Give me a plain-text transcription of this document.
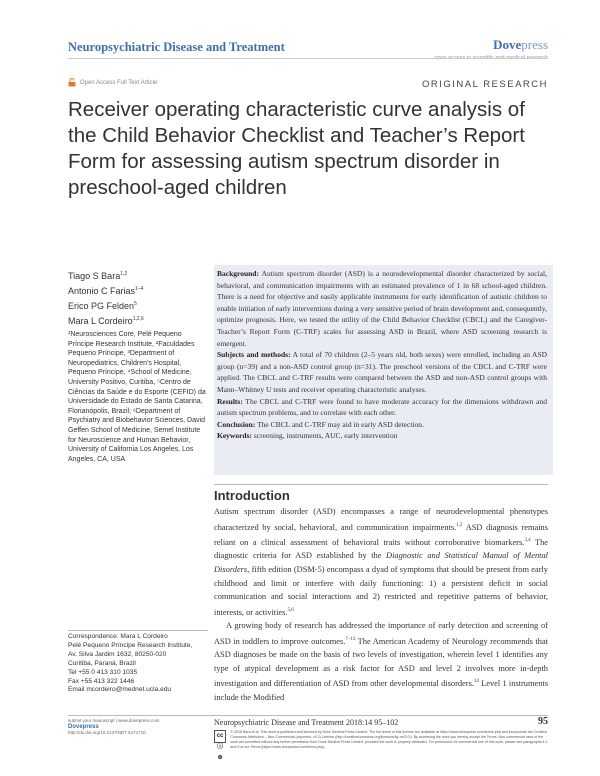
Neuropsychiatric Disease and Treatment	Dovepress
open access to scientific and medical research
Open Access Full Text Article	ORIGINAL RESEARCH
Receiver operating characteristic curve analysis of the Child Behavior Checklist and Teacher’s Report Form for assessing autism spectrum disorder in preschool-aged children
Tiago S Bara$^{1,2}$
Antonio C Farias$^{1-4}$
Erico PG Felden$^5$
Mara L Cordeiro$^{1,2,6}$
¹Neurosciences Core, Pelé Pequeno Príncipe Research Institute, ²Faculdades Pequeno Príncipe, ³Department of Neuropediatrics, Children’s Hospital, Pequeno Príncipe, ⁴School of Medicine, University Positivo, Curitiba, ⁵Centro de Ciências da Saúde e do Esporte (CEFID) da Universidade do Estado de Santa Catarina, Florianópolis, Brazil; ⁶Department of Psychiatry and Biobehavior Sciences, David Geffen School of Medicine, Semel Institute for Neuroscience and Human Behavior, University of California Los Angeles, Los Angeles, CA, USA

Background: Autism spectrum disorder (ASD) is a neurodevelopmental disorder characterized by social, behavioral, and communication impairments with an estimated prevalence of 1 in 68 school-aged children. There is a need for objective and easily applicable instruments for early identification of autistic children to enable initiation of early interventions during a very sensitive period of brain development and, consequently, optimize prognosis. Here, we tested the utility of the Child Behavior Checklist (CBCL) and the Caregiver-Teacher’s Report Form (C-TRF) scales for assessing ASD in Brazil, where ASD screening research is emergent.

Subjects and methods: A total of 70 children (2–5 years old, both sexes) were enrolled, including an ASD group (n=39) and a non-ASD control group (n=31). The preschool versions of the CBCL and C-TRF were applied. The CBCL and C-TRF results were compared between the ASD and non-ASD control groups with Mann–Whitney U tests and receiver operating characteristic analyses.

Results: The CBCL and C-TRF were found to have moderate accuracy for the dimensions withdrawn and autism spectrum problems, and to correlate with each other.

Conclusion: The CBCL and C-TRF may aid in early ASD detection.

Keywords: screening, instruments, AUC, early intervention

Introduction

Autism spectrum disorder (ASD) encompasses a range of neurodevelopmental phenotypes characterized by social, behavioral, and communication impairments.$^{1,2}$ ASD diagnosis remains reliant on a clinical assessment of behavioral traits without corroborative biomarkers.$^{3,4}$ The diagnostic criteria for ASD established by the Diagnostic and Statistical Manual of Mental Disorders, fifth edition (DSM-5) encompass a dyad of symptoms that should be present from early childhood and limit or interfere with daily functioning: 1) a persistent deficit in social communication and social interactions and 2) restricted and repetitive patterns of behavior, interests, or activities.$^{5,6}$

A growing body of research has addressed the importance of early detection and screening of ASD in toddlers to improve outcomes.$^{7-13}$ The American Academy of Neurology recommends that ASD diagnoses be made on the basis of two levels of investigation, wherein level 1 identifies any type of atypical development as a risk factor for ASD and level 2 involves more in-depth investigation and differentiation of ASD from other developmental disorders.$^{14}$ Level 1 instruments include the Modified

Correspondence: Mara L Cordeiro
Pelé Pequeno Príncipe Research Institute,
Av. Silva Jardim 1632, 80250-020
Curitiba, Paraná, Brazil
Tel +55 0 413 310 1035
Fax +55 413 322 1446
Email mcordeiro@mednet.ucla.edu
submit your manuscript | www.dovepress.com
Dovepress
http://dx.doi.org/10.2147/NDT.S171710
Neuropsychiatric Disease and Treatment 2018:14 95–102	95
cc ⓘ ⊜
© 2018 Bara et al. This work is published and licensed by Dove Medical Press Limited. The full terms of this license are available at https://www.dovepress.com/terms.php and incorporate the Creative Commons Attribution – Non Commercial (unported, v3.0) License (http://creativecommons.org/licenses/by-nc/3.0/). By accessing the work you hereby accept the Terms. Non-commercial uses of the work are permitted without any further permission from Dove Medical Press Limited, provided the work is properly attributed. For permission for commercial use of this work, please see paragraphs 4.2 and 5 of our Terms (https://www.dovepress.com/terms.php).
